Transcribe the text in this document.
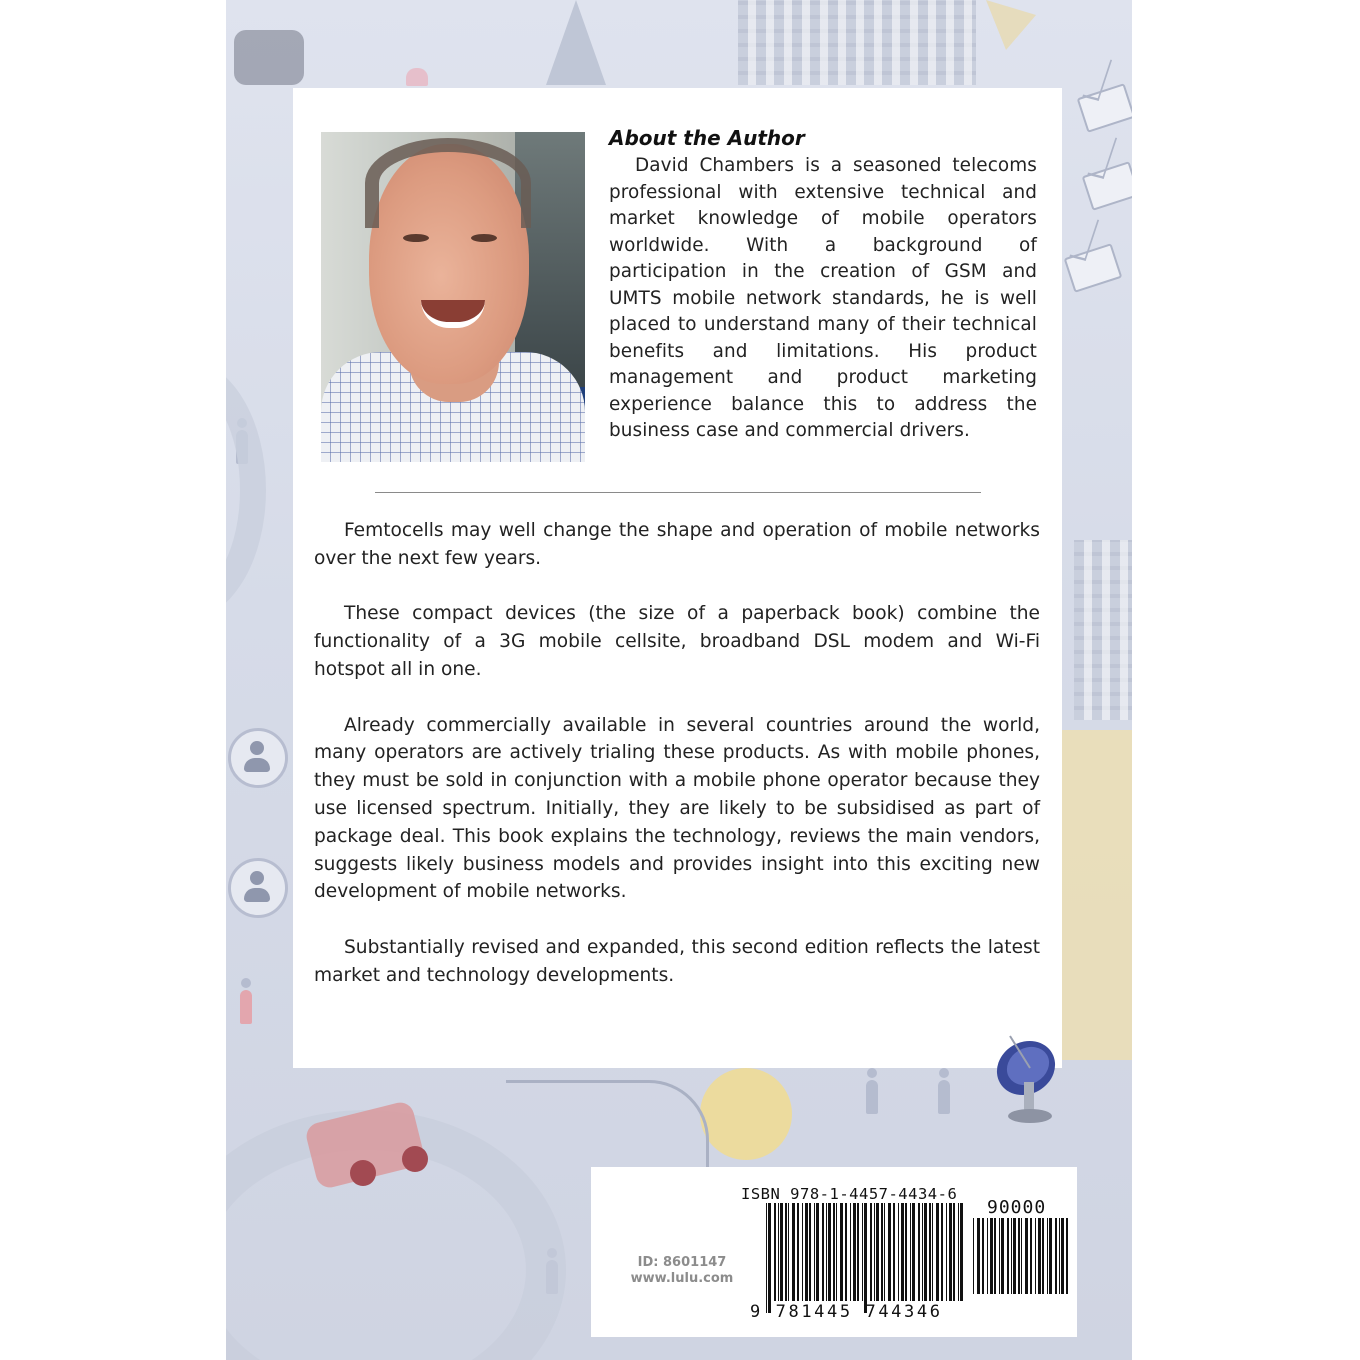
About the Author

David Chambers is a seasoned telecoms professional with extensive technical and market knowledge of mobile operators worldwide. With a background of participation in the creation of GSM and UMTS mobile network standards, he is well placed to understand many of their technical benefits and limitations. His product management and product marketing experience balance this to address the business case and commercial drivers.

Femtocells may well change the shape and operation of mobile networks over the next few years.

These compact devices (the size of a paperback book) combine the functionality of a 3G mobile cellsite, broadband DSL modem and Wi-Fi hotspot all in one.

Already commercially available in several countries around the world, many operators are actively trialing these products. As with mobile phones, they must be sold in conjunction with a mobile phone operator because they use licensed spectrum. Initially, they are likely to be subsidised as part of package deal. This book explains the technology, reviews the main vendors, suggests likely business models and provides insight into this exciting new development of mobile networks.

Substantially revised and expanded, this second edition reflects the latest market and technology developments.

ID: 8601147
www.lulu.com
ISBN 978-1-4457-4434-6
90000
9 781445 744346
